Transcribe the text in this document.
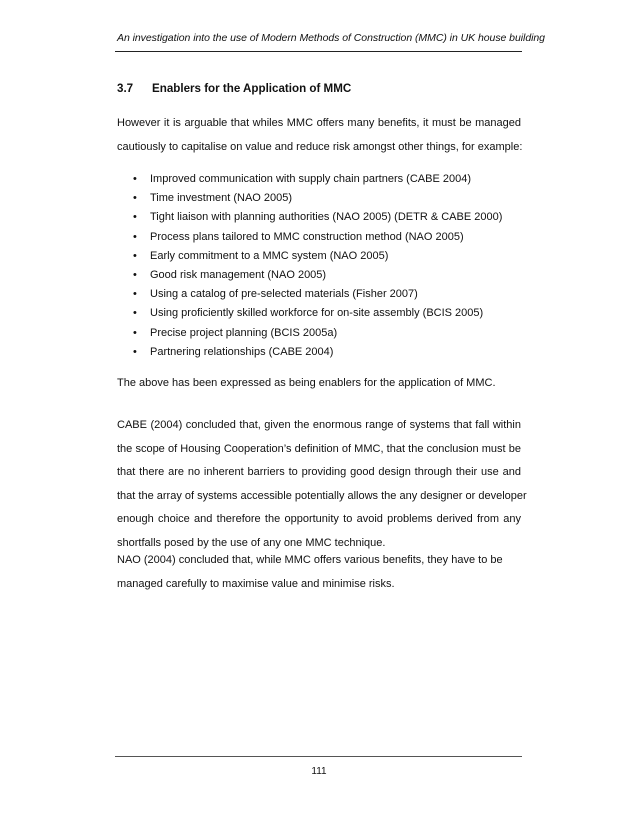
An investigation into the use of Modern Methods of Construction (MMC) in UK house building
3.7 Enablers for the Application of MMC
However it is arguable that whiles MMC offers many benefits, it must be managed
cautiously to capitalise on value and reduce risk amongst other things, for example:
• Improved communication with supply chain partners (CABE 2004)
• Time investment (NAO 2005)
• Tight liaison with planning authorities (NAO 2005) (DETR & CABE 2000)
• Process plans tailored to MMC construction method (NAO 2005)
• Early commitment to a MMC system (NAO 2005)
• Good risk management (NAO 2005)
• Using a catalog of pre-selected materials (Fisher 2007)
• Using proficiently skilled workforce for on-site assembly (BCIS 2005)
• Precise project planning (BCIS 2005a)
• Partnering relationships (CABE 2004)
The above has been expressed as being enablers for the application of MMC.
CABE (2004) concluded that, given the enormous range of systems that fall within
the scope of Housing Cooperation’s definition of MMC, that the conclusion must be
that there are no inherent barriers to providing good design through their use and
that the array of systems accessible potentially allows the any designer or developer
enough choice and therefore the opportunity to avoid problems derived from any
shortfalls posed by the use of any one MMC technique.
NAO (2004) concluded that, while MMC offers various benefits, they have to be
managed carefully to maximise value and minimise risks.
111
